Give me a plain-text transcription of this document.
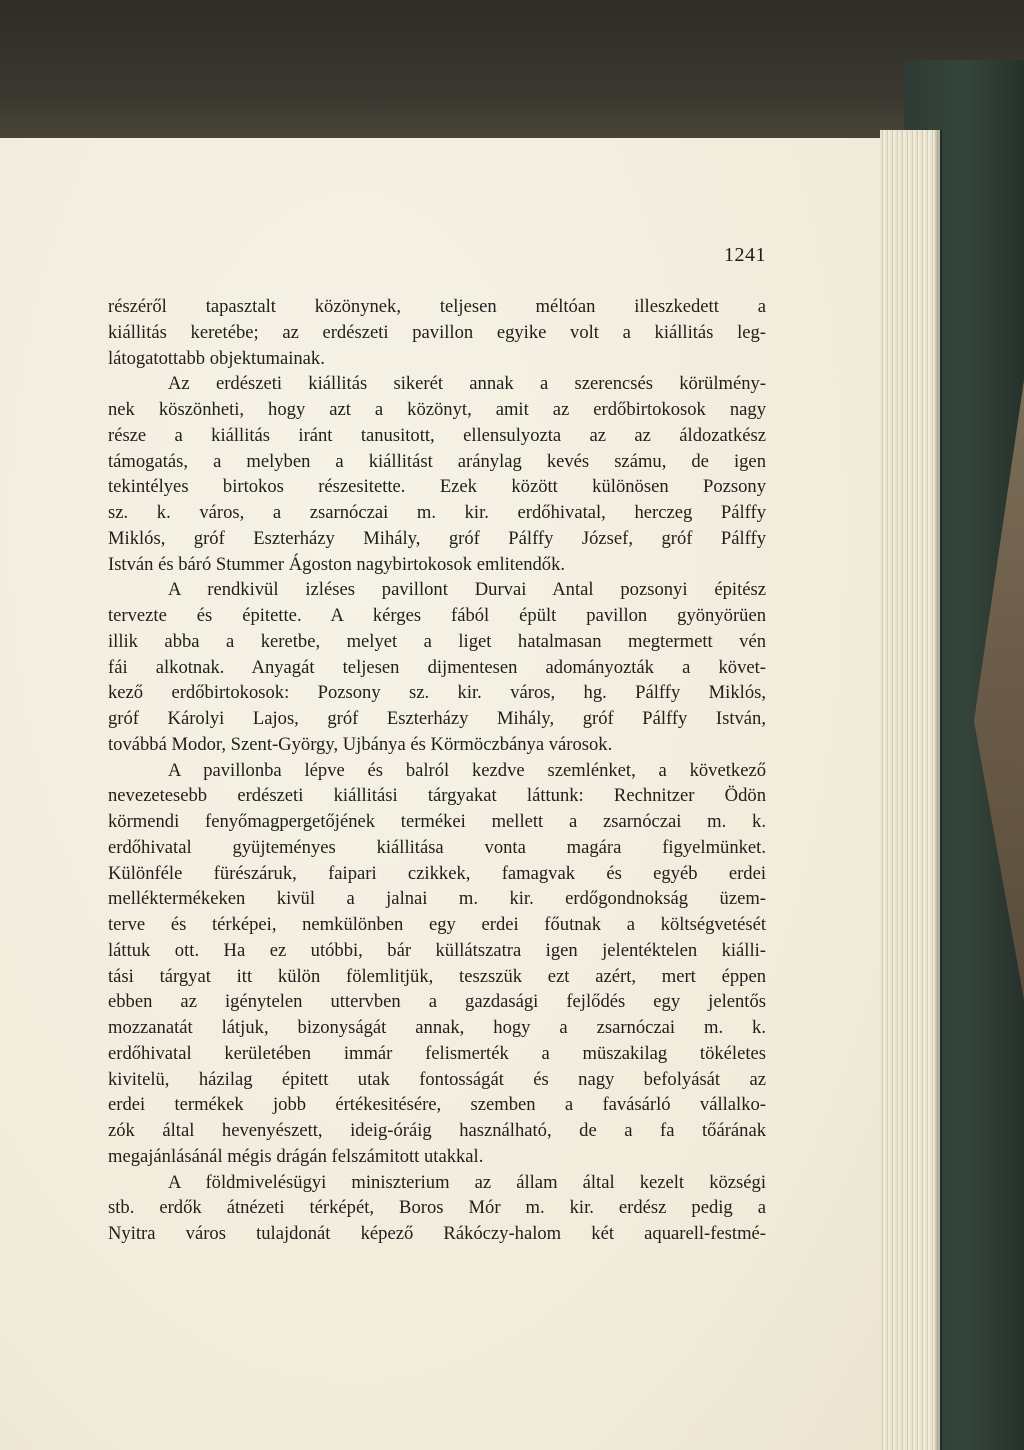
1241
részéről tapasztalt közönynek, teljesen méltóan illeszkedett a
kiállitás keretébe; az erdészeti pavillon egyike volt a kiállitás leg-
látogatottabb objektumainak.
Az erdészeti kiállitás sikerét annak a szerencsés körülmény-
nek köszönheti, hogy azt a közönyt, amit az erdőbirtokosok nagy
része a kiállitás iránt tanusitott, ellensulyozta az az áldozatkész
támogatás, a melyben a kiállitást aránylag kevés számu, de igen
tekintélyes birtokos részesitette. Ezek között különösen Pozsony
sz. k. város, a zsarnóczai m. kir. erdőhivatal, herczeg Pálffy
Miklós, gróf Eszterházy Mihály, gróf Pálffy József, gróf Pálffy
István és báró Stummer Ágoston nagybirtokosok emlitendők.
A rendkivül izléses pavillont Durvai Antal pozsonyi épitész
tervezte és épitette. A kérges fából épült pavillon gyönyörüen
illik abba a keretbe, melyet a liget hatalmasan megtermett vén
fái alkotnak. Anyagát teljesen dijmentesen adományozták a követ-
kező erdőbirtokosok: Pozsony sz. kir. város, hg. Pálffy Miklós,
gróf Károlyi Lajos, gróf Eszterházy Mihály, gróf Pálffy István,
továbbá Modor, Szent-György, Ujbánya és Körmöczbánya városok.
A pavillonba lépve és balról kezdve szemlénket, a következő
nevezetesebb erdészeti kiállitási tárgyakat láttunk: Rechnitzer Ödön
körmendi fenyőmagpergetőjének termékei mellett a zsarnóczai m. k.
erdőhivatal gyüjteményes kiállitása vonta magára figyelmünket.
Különféle fürészáruk, faipari czikkek, famagvak és egyéb erdei
melléktermékeken kivül a jalnai m. kir. erdőgondnokság üzem-
terve és térképei, nemkülönben egy erdei főutnak a költségvetését
láttuk ott. Ha ez utóbbi, bár küllátszatra igen jelentéktelen kiálli-
tási tárgyat itt külön fölemlitjük, teszszük ezt azért, mert éppen
ebben az igénytelen uttervben a gazdasági fejlődés egy jelentős
mozzanatát látjuk, bizonyságát annak, hogy a zsarnóczai m. k.
erdőhivatal kerületében immár felismerték a müszakilag tökéletes
kivitelü, házilag épitett utak fontosságát és nagy befolyását az
erdei termékek jobb értékesitésére, szemben a favásárló vállalko-
zók által hevenyészett, ideig-óráig használható, de a fa tőárának
megajánlásánál mégis drágán felszámitott utakkal.
A földmivelésügyi miniszterium az állam által kezelt községi
stb. erdők átnézeti térképét, Boros Mór m. kir. erdész pedig a
Nyitra város tulajdonát képező Rákóczy-halom két aquarell-festmé-
